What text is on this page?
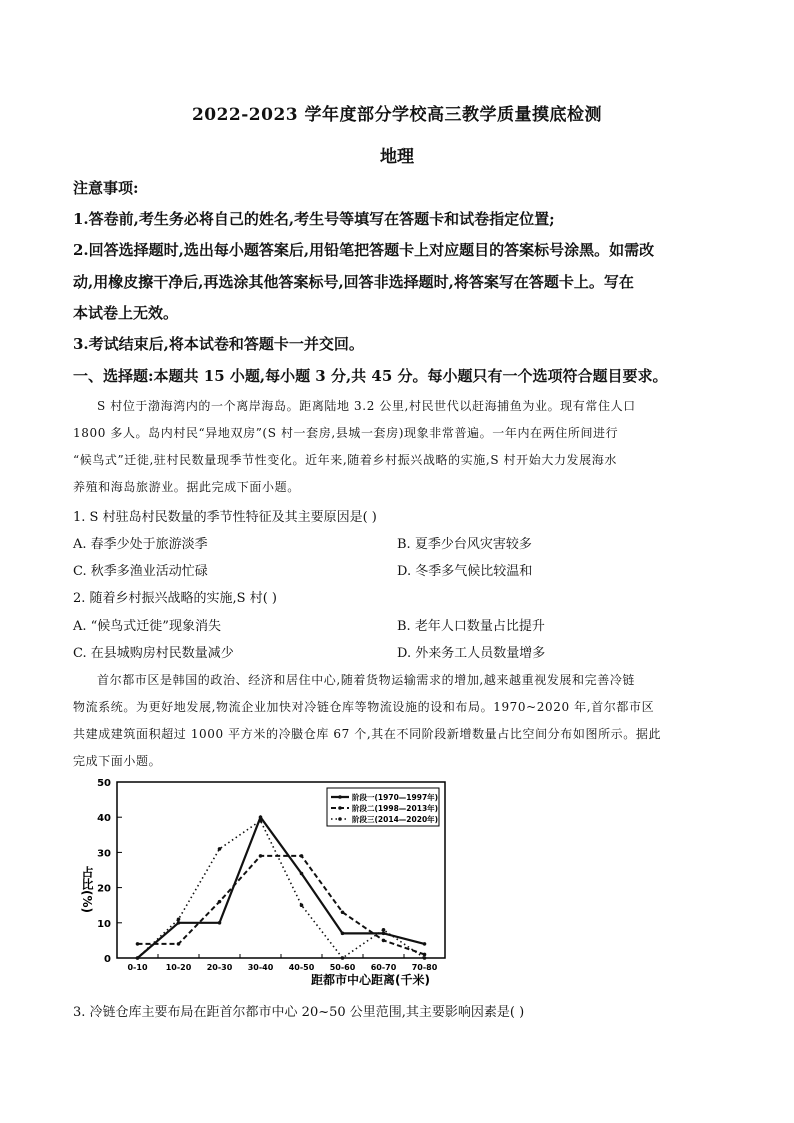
2022-2023 学年度部分学校高三教学质量摸底检测
地理
注意事项:
1.答卷前,考生务必将自己的姓名,考生号等填写在答题卡和试卷指定位置;
2.回答选择题时,选出每小题答案后,用铅笔把答题卡上对应题目的答案标号涂黑。如需改
动,用橡皮擦干净后,再选涂其他答案标号,回答非选择题时,将答案写在答题卡上。写在
本试卷上无效。
3.考试结束后,将本试卷和答题卡一并交回。
一、选择题:本题共 15 小题,每小题 3 分,共 45 分。每小题只有一个选项符合题目要求。
S 村位于渤海湾内的一个离岸海岛。距离陆地 3.2 公里,村民世代以赶海捕鱼为业。现有常住人口
1800 多人。岛内村民“异地双房”(S 村一套房,县城一套房)现象非常普遍。一年内在两住所间进行
“候鸟式”迁徙,驻村民数量现季节性变化。近年来,随着乡村振兴战略的实施,S 村开始大力发展海水
养殖和海岛旅游业。据此完成下面小题。
1. S 村驻岛村民数量的季节性特征及其主要原因是( )
A. 春季少处于旅游淡季	B. 夏季少台风灾害较多
C. 秋季多渔业活动忙碌	D. 冬季多气候比较温和
2. 随着乡村振兴战略的实施,S 村( )
A. “候鸟式迁徙”现象消失	B. 老年人口数量占比提升
C. 在县城购房村民数量减少	D. 外来务工人员数量增多
首尔都市区是韩国的政治、经济和居住中心,随着货物运输需求的增加,越来越重视发展和完善冷链
物流系统。为更好地发展,物流企业加快对冷链仓库等物流设施的设和布局。1970~2020 年,首尔都市区
共建成建筑面积超过 1000 平方米的冷臌仓库 67 个,其在不同阶段新增数量占比空间分布如图所示。据此
完成下面小题。
0
10
20
30
40
50
0-10 10-20 20-30 30-40 40-50 50-60 60-70 70-80
阶段一(1970—1997年)
阶段二(1998—2013年)
阶段三(2014—2020年)
占比(%)
距都市中心距离(千米)
3. 冷链仓库主要布局在距首尔都市中心 20~50 公里范围,其主要影响因素是( )
